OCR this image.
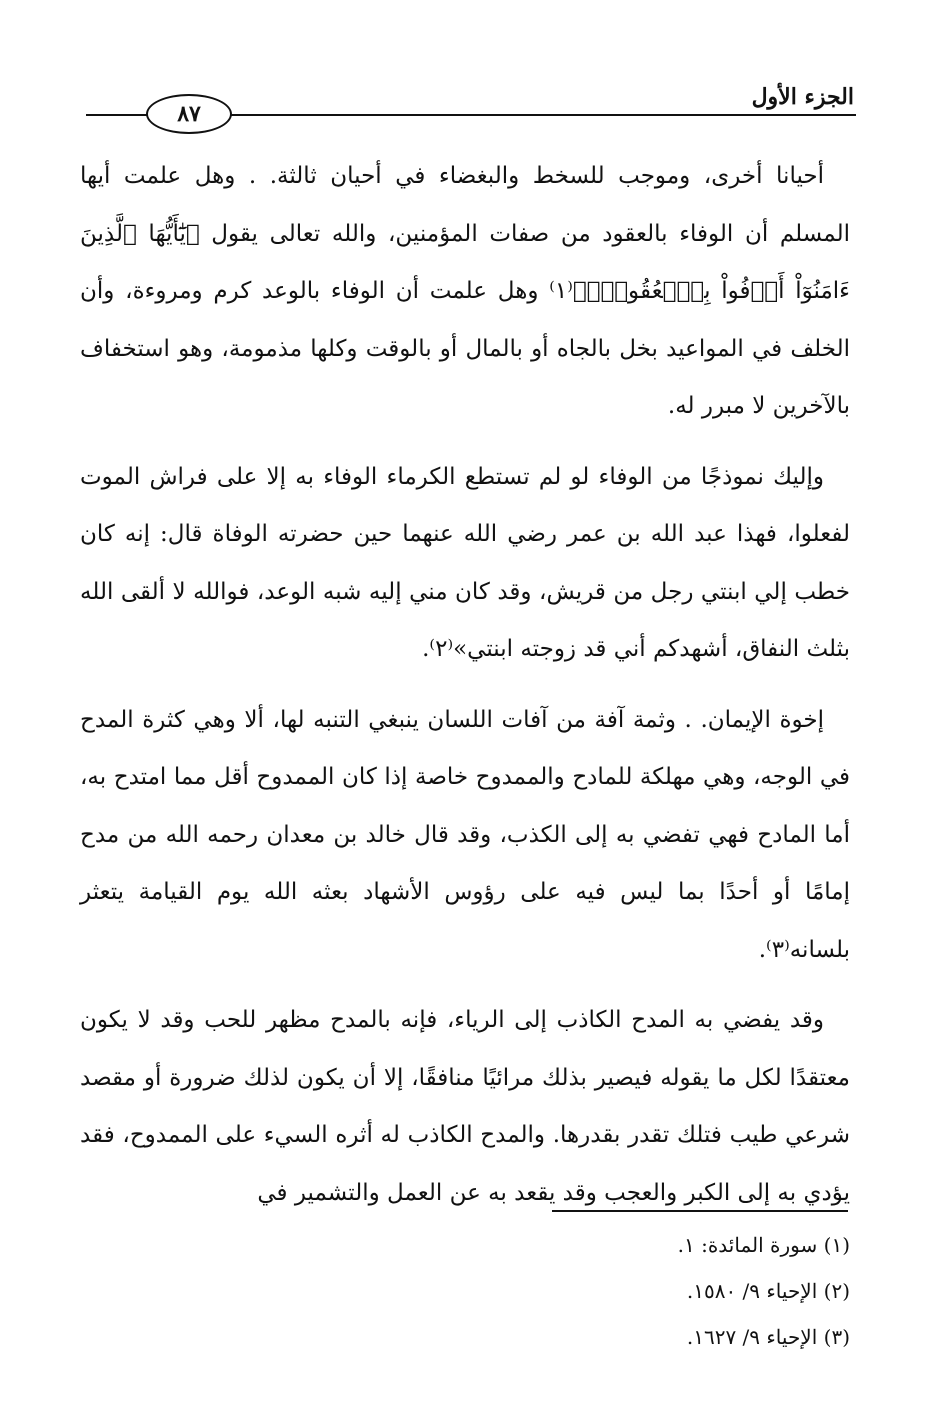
الجزء الأول
٨٧

أحيانا أخرى، وموجب للسخط والبغضاء في أحيان ثالثة. . وهل علمت أيها المسلم أن الوفاء بالعقود من صفات المؤمنين، والله تعالى يقول ﴿يَٰٓأَيُّهَا ٱلَّذِينَ ءَامَنُوٓاْ أَوۡفُواْ بِٱلۡعُقُودِۚ﴾⁽١⁾ وهل علمت أن الوفاء بالوعد كرم ومروءة، وأن الخلف في المواعيد بخل بالجاه أو بالمال أو بالوقت وكلها مذمومة، وهو استخفاف بالآخرين لا مبرر له.

وإليك نموذجًا من الوفاء لو لم تستطع الكرماء الوفاء به إلا على فراش الموت لفعلوا، فهذا عبد الله بن عمر رضي الله عنهما حين حضرته الوفاة قال: إنه كان خطب إلي ابنتي رجل من قريش، وقد كان مني إليه شبه الوعد، فوالله لا ألقى الله بثلث النفاق، أشهدكم أني قد زوجته ابنتي»⁽٢⁾.

إخوة الإيمان. . وثمة آفة من آفات اللسان ينبغي التنبه لها، ألا وهي كثرة المدح في الوجه، وهي مهلكة للمادح والممدوح خاصة إذا كان الممدوح أقل مما امتدح به، أما المادح فهي تفضي به إلى الكذب، وقد قال خالد بن معدان رحمه الله من مدح إمامًا أو أحدًا بما ليس فيه على رؤوس الأشهاد بعثه الله يوم القيامة يتعثر بلسانه⁽٣⁾.

وقد يفضي به المدح الكاذب إلى الرياء، فإنه بالمدح مظهر للحب وقد لا يكون معتقدًا لكل ما يقوله فيصير بذلك مرائيًا منافقًا، إلا أن يكون لذلك ضرورة أو مقصد شرعي طيب فتلك تقدر بقدرها. والمدح الكاذب له أثره السيء على الممدوح، فقد يؤدي به إلى الكبر والعجب وقد يقعد به عن العمل والتشمير في

(١) سورة المائدة: ١.

(٢) الإحياء ٩/ ١٥٨٠.

(٣) الإحياء ٩/ ١٦٢٧.
